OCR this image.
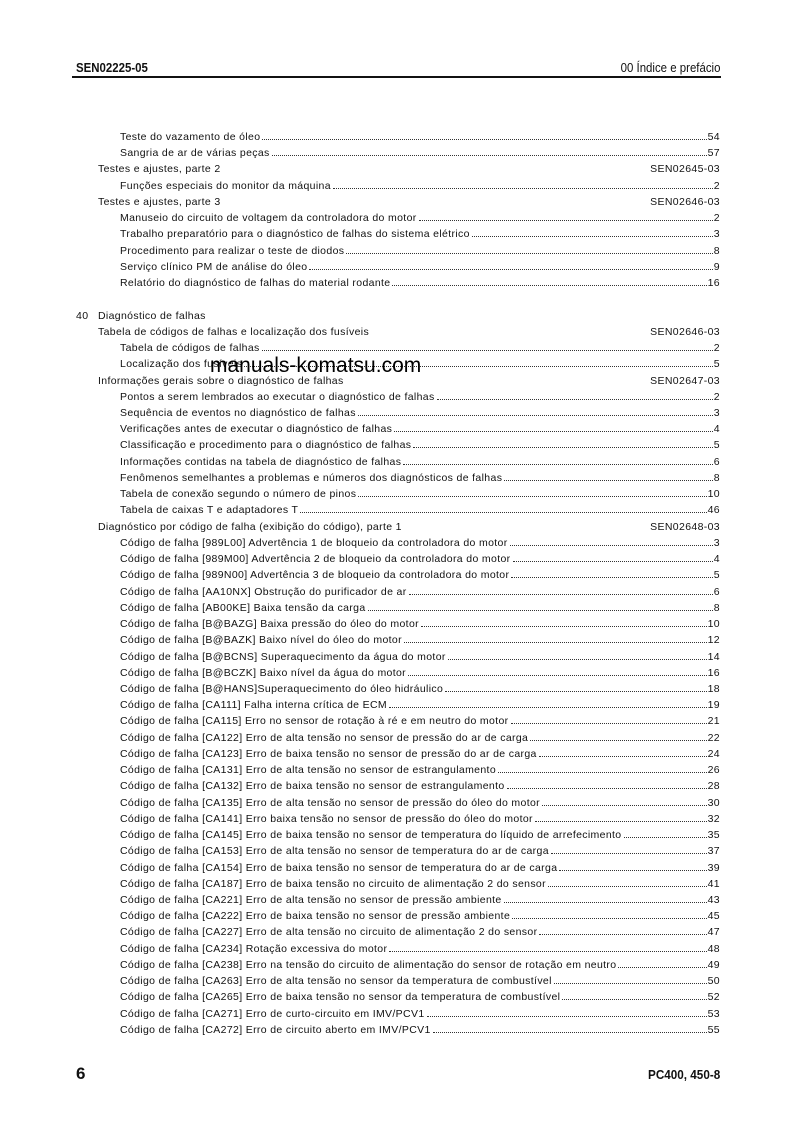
SEN02225-05	00 Índice e prefácio
Teste do vazamento de óleo	54
Sangria de ar de várias peças	57
Testes e ajustes, parte 2	SEN02645-03
Funções especiais do monitor da máquina	2
Testes e ajustes, parte 3	SEN02646-03
Manuseio do circuito de voltagem da controladora do motor	2
Trabalho preparatório para o diagnóstico de falhas do sistema elétrico	3
Procedimento para realizar o teste de diodos	8
Serviço clínico PM de análise do óleo	9
Relatório do diagnóstico de falhas do material rodante	16
40 Diagnóstico de falhas
Tabela de códigos de falhas e localização dos fusíveis	SEN02646-03
Tabela de códigos de falhas	2
Localização dos fusíveis	5
Informações gerais sobre o diagnóstico de falhas	SEN02647-03
Pontos a serem lembrados ao executar o diagnóstico de falhas	2
Sequência de eventos no diagnóstico de falhas	3
Verificações antes de executar o diagnóstico de falhas	4
Classificação e procedimento para o diagnóstico de falhas	5
Informações contidas na tabela de diagnóstico de falhas	6
Fenômenos semelhantes a problemas e números dos diagnósticos de falhas	8
Tabela de conexão segundo o número de pinos	10
Tabela de caixas T e adaptadores T	46
Diagnóstico por código de falha (exibição do código), parte 1	SEN02648-03
Código de falha [989L00] Advertência 1 de bloqueio da controladora do motor	3
Código de falha [989M00] Advertência 2 de bloqueio da controladora do motor	4
Código de falha [989N00] Advertência 3 de bloqueio da controladora do motor	5
Código de falha [AA10NX] Obstrução do purificador de ar	6
Código de falha [AB00KE] Baixa tensão da carga	8
Código de falha [B@BAZG] Baixa pressão do óleo do motor	10
Código de falha [B@BAZK] Baixo nível do óleo do motor	12
Código de falha [B@BCNS] Superaquecimento da água do motor	14
Código de falha [B@BCZK] Baixo nível da água do motor	16
Código de falha [B@HANS]Superaquecimento do óleo hidráulico	18
Código de falha [CA111] Falha interna crítica de ECM	19
Código de falha [CA115] Erro no sensor de rotação à ré e em neutro do motor	21
Código de falha [CA122] Erro de alta tensão no sensor de pressão do ar de carga	22
Código de falha [CA123] Erro de baixa tensão no sensor de pressão do ar de carga	24
Código de falha [CA131] Erro de alta tensão no sensor de estrangulamento	26
Código de falha [CA132] Erro de baixa tensão no sensor de estrangulamento	28
Código de falha [CA135] Erro de alta tensão no sensor de pressão do óleo do motor	30
Código de falha [CA141] Erro baixa tensão no sensor de pressão do óleo do motor	32
Código de falha [CA145] Erro de baixa tensão no sensor de temperatura do líquido de arrefecimento	35
Código de falha [CA153] Erro de alta tensão no sensor de temperatura do ar de carga	37
Código de falha [CA154] Erro de baixa tensão no sensor de temperatura do ar de carga	39
Código de falha [CA187] Erro de baixa tensão no circuito de alimentação 2 do sensor	41
Código de falha [CA221] Erro de alta tensão no sensor de pressão ambiente	43
Código de falha [CA222] Erro de baixa tensão no sensor de pressão ambiente	45
Código de falha [CA227] Erro de alta tensão no circuito de alimentação 2 do sensor	47
Código de falha [CA234] Rotação excessiva do motor	48
Código de falha [CA238] Erro na tensão do circuito de alimentação do sensor de rotação em neutro	49
Código de falha [CA263] Erro de alta tensão no sensor da temperatura de combustível	50
Código de falha [CA265] Erro de baixa tensão no sensor da temperatura de combustível	52
Código de falha [CA271] Erro de curto-circuito em IMV/PCV1	53
Código de falha [CA272] Erro de circuito aberto em IMV/PCV1	55
manuals-komatsu.com
6	PC400, 450-8
